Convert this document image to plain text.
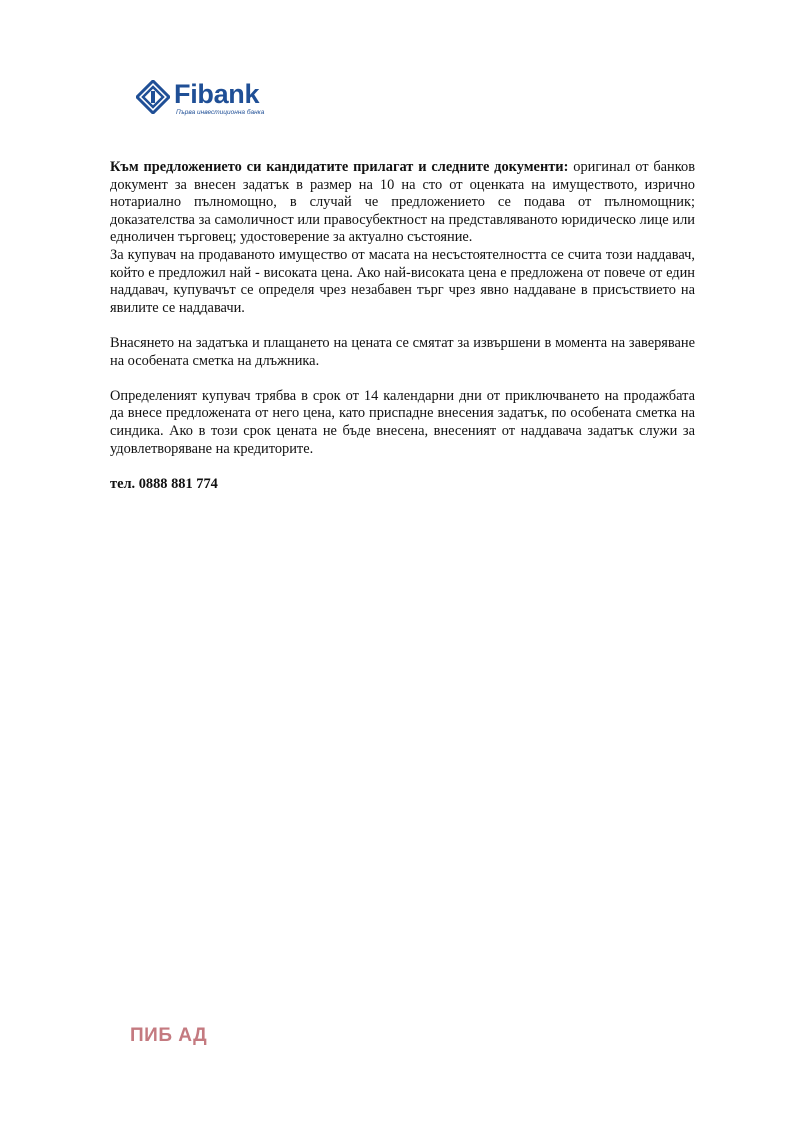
Fibank
Първа инвестиционна банка

Към предложението си кандидатите прилагат и следните документи: оригинал от банков документ за внесен задатък в размер на 10 на сто от оценката на имуществото, изрично нотариално пълномощно, в случай че предложението се подава от пълномощник; доказателства за самоличност или правосубектност на представляваното юридическо лице или едноличен търговец; удостоверение за актуално състояние.

За купувач на продаваното имущество от масата на несъстоятелността се счита този наддавач, който е предложил най - високата цена. Ако най-високата цена е предложена от повече от един наддавач, купувачът се определя чрез незабавен търг чрез явно наддаване в присъствието на явилите се наддавачи.

Внасянето на задатъка и плащането на цената се смятат за извършени в момента на заверяване на особената сметка на длъжника.

Определеният купувач трябва в срок от 14 календарни дни от приключването на продажбата да внесе предложената от него цена, като приспадне внесения задатък, по особената сметка на синдика. Ако в този срок цената не бъде внесена, внесеният от наддавача задатък служи за удовлетворяване на кредиторите.

тел. 0888 881 774

ПИБ АД
